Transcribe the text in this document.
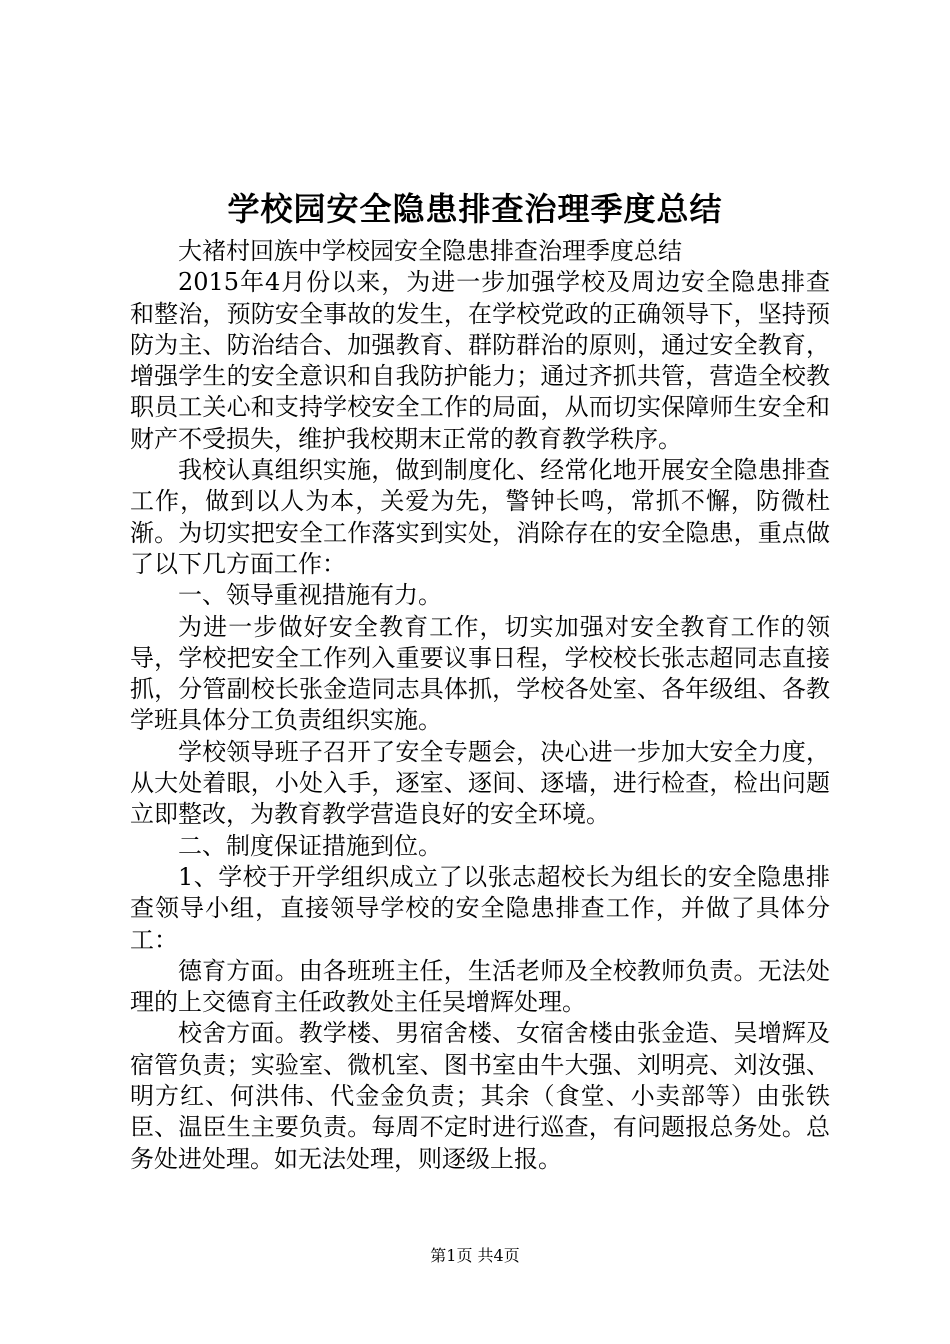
学校园安全隐患排查治理季度总结

大褚村回族中学校园安全隐患排查治理季度总结

2015年4月份以来，为进一步加强学校及周边安全隐患排查和整治，预防安全事故的发生，在学校党政的正确领导下，坚持预防为主、防治结合、加强教育、群防群治的原则，通过安全教育，增强学生的安全意识和自我防护能力；通过齐抓共管，营造全校教职员工关心和支持学校安全工作的局面，从而切实保障师生安全和财产不受损失，维护我校期末正常的教育教学秩序。

我校认真组织实施，做到制度化、经常化地开展安全隐患排查工作，做到以人为本，关爱为先，警钟长鸣，常抓不懈，防微杜渐。为切实把安全工作落实到实处，消除存在的安全隐患，重点做了以下几方面工作：

一、领导重视措施有力。

为进一步做好安全教育工作，切实加强对安全教育工作的领导，学校把安全工作列入重要议事日程，学校校长张志超同志直接抓，分管副校长张金造同志具体抓，学校各处室、各年级组、各教学班具体分工负责组织实施。

学校领导班子召开了安全专题会，决心进一步加大安全力度，从大处着眼，小处入手，逐室、逐间、逐墙，进行检查，检出问题立即整改，为教育教学营造良好的安全环境。

二、制度保证措施到位。

1、学校于开学组织成立了以张志超校长为组长的安全隐患排查领导小组，直接领导学校的安全隐患排查工作，并做了具体分工：

德育方面。由各班班主任，生活老师及全校教师负责。无法处理的上交德育主任政教处主任吴增辉处理。

校舍方面。教学楼、男宿舍楼、女宿舍楼由张金造、吴增辉及宿管负责；实验室、微机室、图书室由牛大强、刘明亮、刘汝强、明方红、何洪伟、代金金负责；其余（食堂、小卖部等）由张铁臣、温臣生主要负责。每周不定时进行巡查，有问题报总务处。总务处进处理。如无法处理，则逐级上报。

第1页 共4页
